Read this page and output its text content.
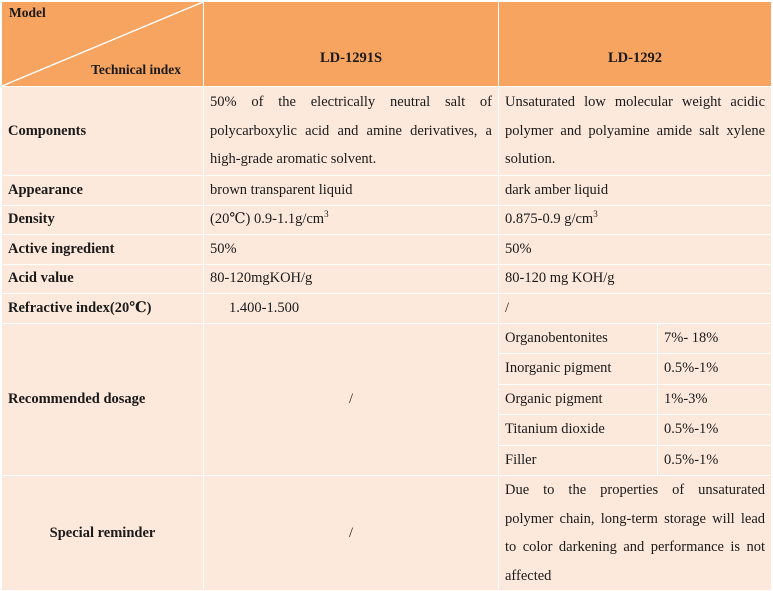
Model
Technical index	LD-1291S	LD-1292	
Components	50% of the electrically neutral salt of polycarboxylic acid and amine derivatives, a high-grade aromatic solvent.	Unsaturated low molecular weight acidic polymer and polyamine amide salt xylene solution.	
Appearance	brown transparent liquid	dark amber liquid	
Density	(20℃) $0.9-1.1g/cm^3$	0.875-0.9 $g/cm^3$
Active ingredient	50%	50%	
Acid value	80-120mgKOH/g	80-120 mg KOH/g	
Refractive index(20℃)	1.400-1.500	/	
Recommended dosage	/	Organobentonites	7%- 18%
		Inorganic pigment	0.5%-1%
		Organic pigment	1%-3%
		Titanium dioxide	0.5%-1%
		Filler	0.5%-1%
Special reminder	/	Due to the properties of unsaturated polymer chain, long-term storage will lead to color darkening and performance is not affected	
